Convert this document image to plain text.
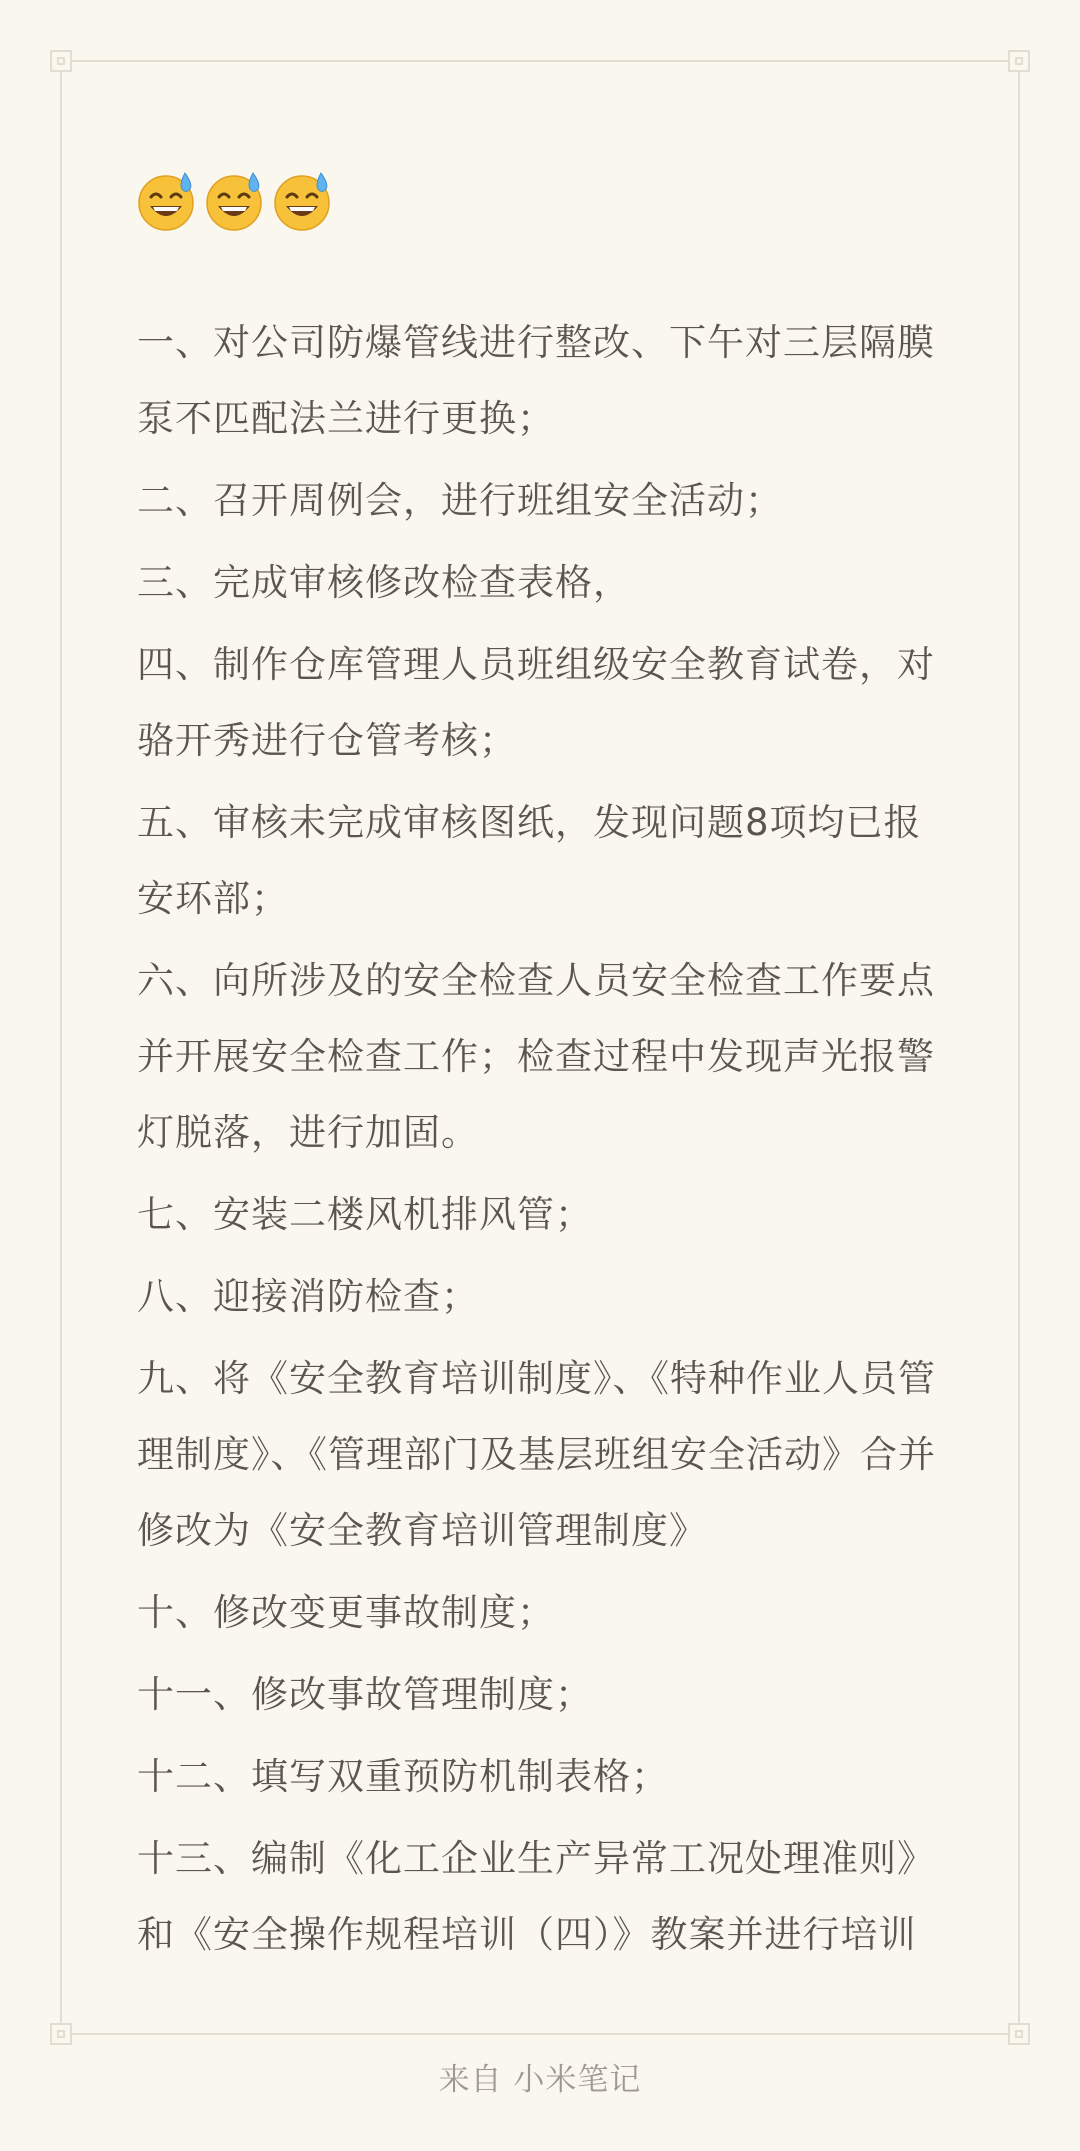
一、对公司防爆管线进行整改、下午对三层隔膜泵不匹配法兰进行更换；

二、召开周例会，进行班组安全活动；

三、完成审核修改检查表格，

四、制作仓库管理人员班组级安全教育试卷，对骆开秀进行仓管考核；

五、审核未完成审核图纸，发现问题8项均已报安环部；

六、向所涉及的安全检查人员安全检查工作要点并开展安全检查工作；检查过程中发现声光报警灯脱落，进行加固。

七、安装二楼风机排风管；

八、迎接消防检查；

九、将《安全教育培训制度》、《特种作业人员管理制度》、《管理部门及基层班组安全活动》合并修改为《安全教育培训管理制度》

十、修改变更事故制度；

十一、修改事故管理制度；

十二、填写双重预防机制表格；

十三、编制《化工企业生产异常工况处理准则》和《安全操作规程培训（四）》教案并进行培训

来自 小米笔记
